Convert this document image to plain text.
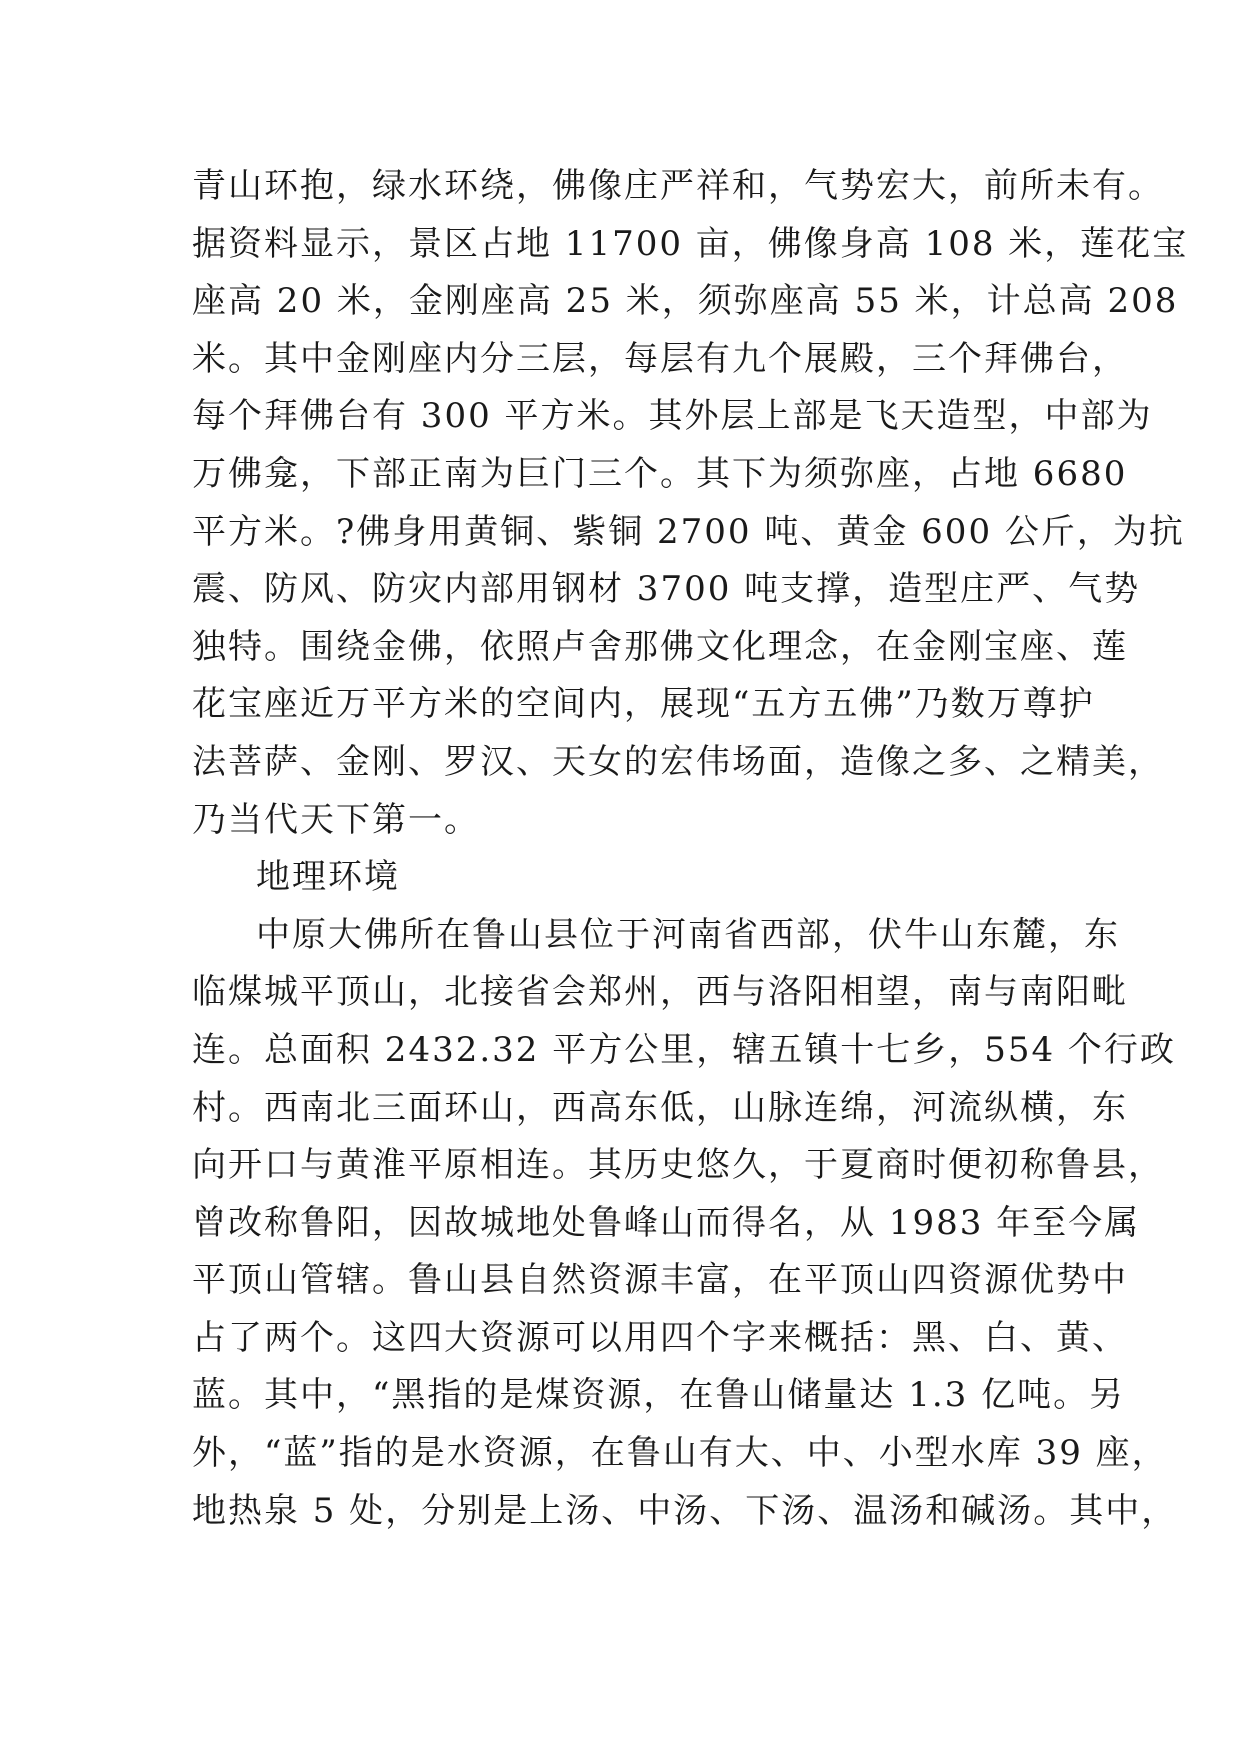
青山环抱，绿水环绕，佛像庄严祥和，气势宏大，前所未有。
据资料显示，景区占地 11700 亩，佛像身高 108 米，莲花宝
座高 20 米，金刚座高 25 米，须弥座高 55 米，计总高 208
米。其中金刚座内分三层，每层有九个展殿，三个拜佛台，
每个拜佛台有 300 平方米。其外层上部是飞天造型，中部为
万佛龛，下部正南为巨门三个。其下为须弥座，占地 6680
平方米。?佛身用黄铜、紫铜 2700 吨、黄金 600 公斤，为抗
震、防风、防灾内部用钢材 3700 吨支撑，造型庄严、气势
独特。围绕金佛，依照卢舍那佛文化理念，在金刚宝座、莲
花宝座近万平方米的空间内，展现“五方五佛”乃数万尊护
法菩萨、金刚、罗汉、天女的宏伟场面，造像之多、之精美，
乃当代天下第一。
地理环境
中原大佛所在鲁山县位于河南省西部，伏牛山东麓，东
临煤城平顶山，北接省会郑州，西与洛阳相望，南与南阳毗
连。总面积 2432.32 平方公里，辖五镇十七乡，554 个行政
村。西南北三面环山，西高东低，山脉连绵，河流纵横，东
向开口与黄淮平原相连。其历史悠久，于夏商时便初称鲁县，
曾改称鲁阳，因故城地处鲁峰山而得名，从 1983 年至今属
平顶山管辖。鲁山县自然资源丰富，在平顶山四资源优势中
占了两个。这四大资源可以用四个字来概括：黑、白、黄、
蓝。其中，“黑指的是煤资源，在鲁山储量达 1.3 亿吨。另
外，“蓝”指的是水资源，在鲁山有大、中、小型水库 39 座，
地热泉 5 处，分别是上汤、中汤、下汤、温汤和碱汤。其中，
